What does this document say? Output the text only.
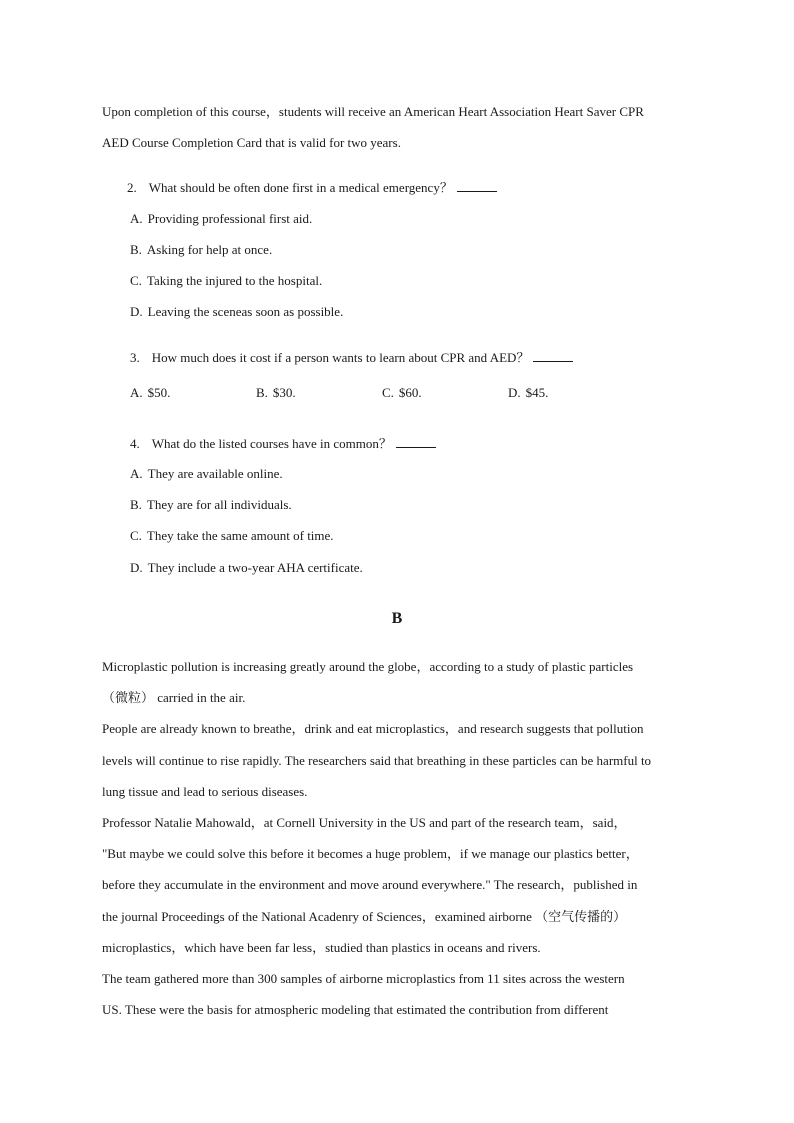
Upon completion of this course，students will receive an American Heart Association Heart Saver CPR
AED Course Completion Card that is valid for two years.
2. What should be often done first in a medical emergency？
A. Providing professional first aid.
B. Asking for help at once.
C. Taking the injured to the hospital.
D. Leaving the sceneas soon as possible.
3. How much does it cost if a person wants to learn about CPR and AED？
A. $50.	B. $30.	C. $60.	D. $45.
4. What do the listed courses have in common？
A. They are available online.
B. They are for all individuals.
C. They take the same amount of time.
D. They include a two-year AHA certificate.
B
Microplastic pollution is increasing greatly around the globe，according to a study of plastic particles
（微粒） carried in the air.
People are already known to breathe，drink and eat microplastics，and research suggests that pollution
levels will continue to rise rapidly. The researchers said that breathing in these particles can be harmful to
lung tissue and lead to serious diseases.
Professor Natalie Mahowald，at Cornell University in the US and part of the research team，said，
"But maybe we could solve this before it becomes a huge problem，if we manage our plastics better，
before they accumulate in the environment and move around everywhere." The research，published in
the journal Proceedings of the National Acadenry of Sciences，examined airborne （空气传播的）
microplastics，which have been far less，studied than plastics in oceans and rivers.
The team gathered more than 300 samples of airborne microplastics from 11 sites across the western
US. These were the basis for atmospheric modeling that estimated the contribution from different
